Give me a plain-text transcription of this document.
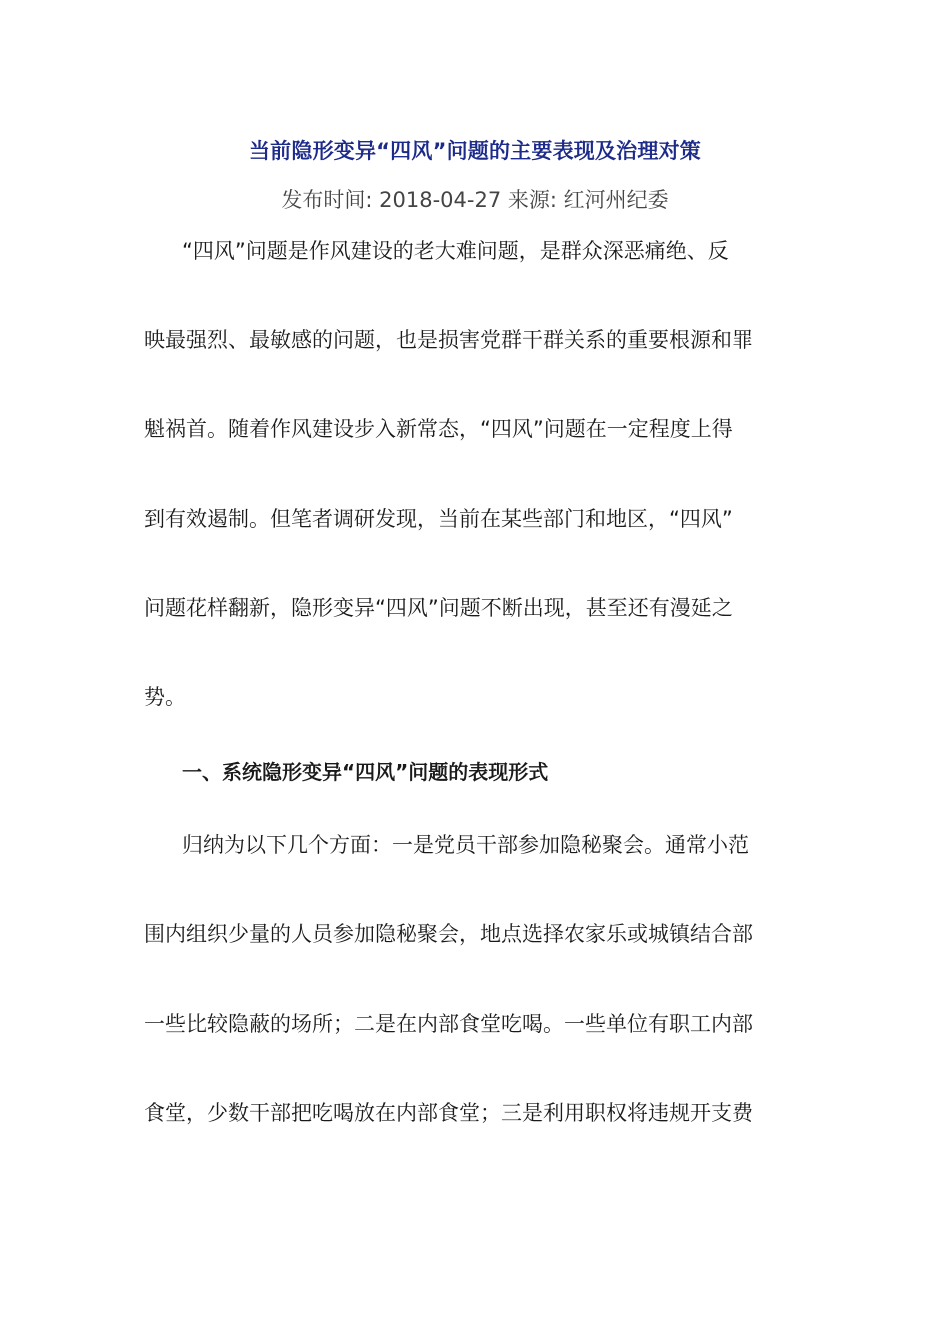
当前隐形变异“四风”问题的主要表现及治理对策
发布时间: 2018-04-27 来源: 红河州纪委
“四风”问题是作风建设的老大难问题，是群众深恶痛绝、反
映最强烈、最敏感的问题，也是损害党群干群关系的重要根源和罪
魁祸首。随着作风建设步入新常态，“四风”问题在一定程度上得
到有效遏制。但笔者调研发现，当前在某些部门和地区，“四风”
问题花样翻新，隐形变异“四风”问题不断出现，甚至还有漫延之
势。
一、系统隐形变异“四风”问题的表现形式
归纳为以下几个方面：一是党员干部参加隐秘聚会。通常小范
围内组织少量的人员参加隐秘聚会，地点选择农家乐或城镇结合部
一些比较隐蔽的场所；二是在内部食堂吃喝。一些单位有职工内部
食堂，少数干部把吃喝放在内部食堂；三是利用职权将违规开支费
